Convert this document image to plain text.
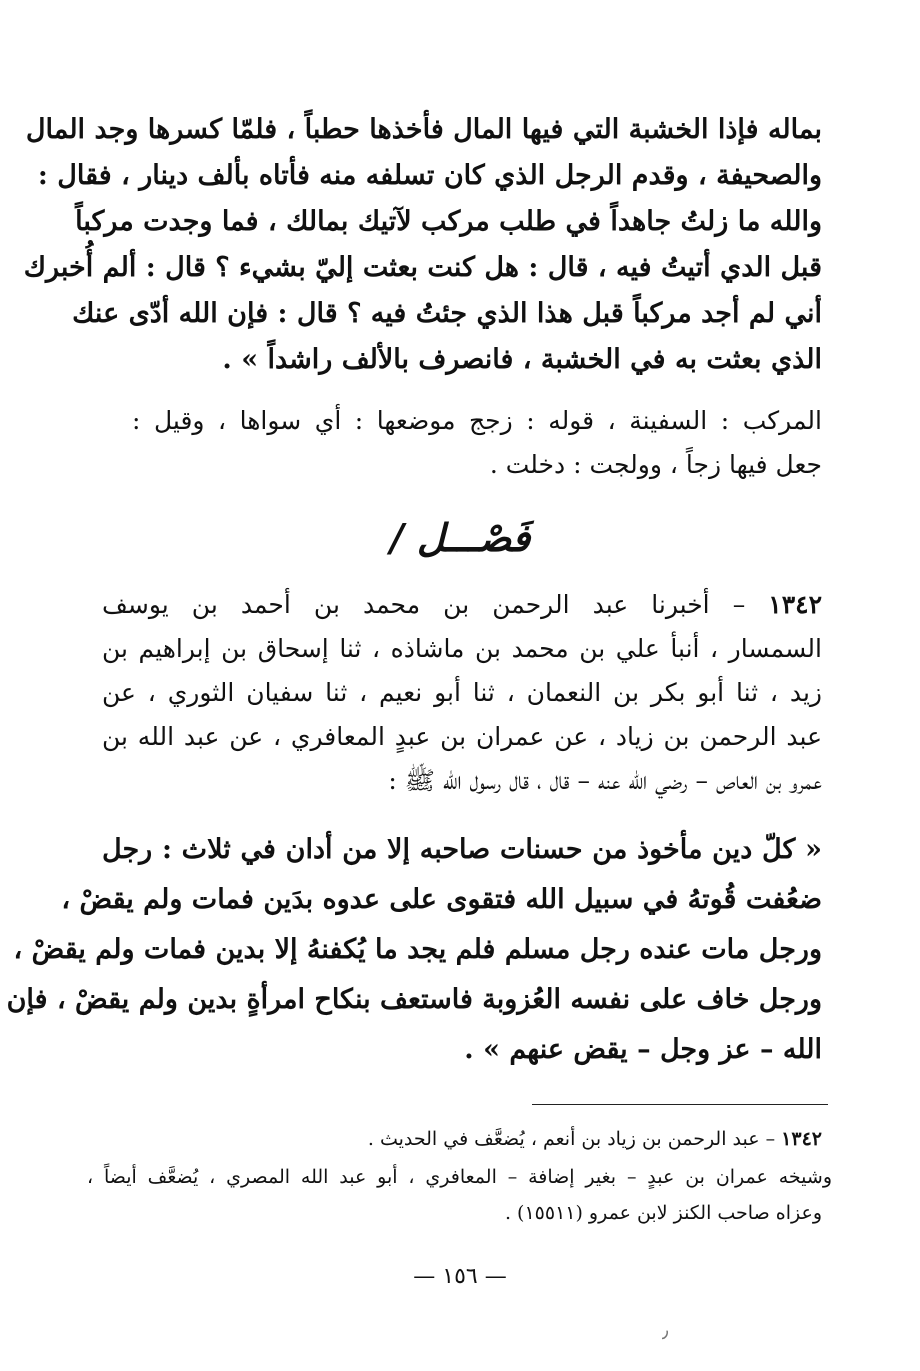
بماله فإذا الخشبة التي فيها المال فأخذها حطباً ، فلمّا كسرها وجد المال
والصحيفة ، وقدم الرجل الذي كان تسلفه منه فأتاه بألف دينار ، فقال :
والله ما زلتُ جاهداً في طلب مركب لآتيك بمالك ، فما وجدت مركباً
قبل الدي أتيتُ فيه ، قال : هل كنت بعثت إليّ بشيء ؟ قال : ألم أُخبرك
أني لم أجد مركباً قبل هذا الذي جئتُ فيه ؟ قال : فإن الله أدّى عنك
الذي بعثت به في الخشبة ، فانصرف بالألف راشداً » .
المركب : السفينة ، قوله : زجج موضعها : أي سواها ، وقيل :
جعل فيها زجاً ، وولجت : دخلت .
فَصْـــل /
١٣٤٢ – أخبرنا عبد الرحمن بن محمد بن أحمد بن يوسف
السمسار ، أنبأ علي بن محمد بن ماشاذه ، ثنا إسحاق بن إبراهيم بن
زيد ، ثنا أبو بكر بن النعمان ، ثنا أبو نعيم ، ثنا سفيان الثوري ، عن
عبد الرحمن بن زياد ، عن عمران بن عبدٍ المعافري ، عن عبد الله بن
عمرو بن العاص – رضي الله عنه – قال ، قال رسول الله ﷺ :
« كلّ دين مأخوذ من حسنات صاحبه إلا من أدان في ثلاث : رجل
ضعُفت قُوتهُ في سبيل الله فتقوى على عدوه بدَين فمات ولم يقضْ ،
ورجل مات عنده رجل مسلم فلم يجد ما يُكفنهُ إلا بدين فمات ولم يقضْ ،
ورجل خاف على نفسه العُزوبة فاستعف بنكاح امرأةٍ بدين ولم يقضْ ، فإن
الله – عز وجل – يقض عنهم » .
١٣٤٢ – عبد الرحمن بن زياد بن أنعم ، يُضعَّف في الحديث .
وشيخه عمران بن عبدٍ – بغير إضافة – المعافري ، أبو عبد الله المصري ، يُضعَّف أيضاً ،
وعزاه صاحب الكنز لابن عمرو (١٥٥١١) .
— ١٥٦ —
٫
